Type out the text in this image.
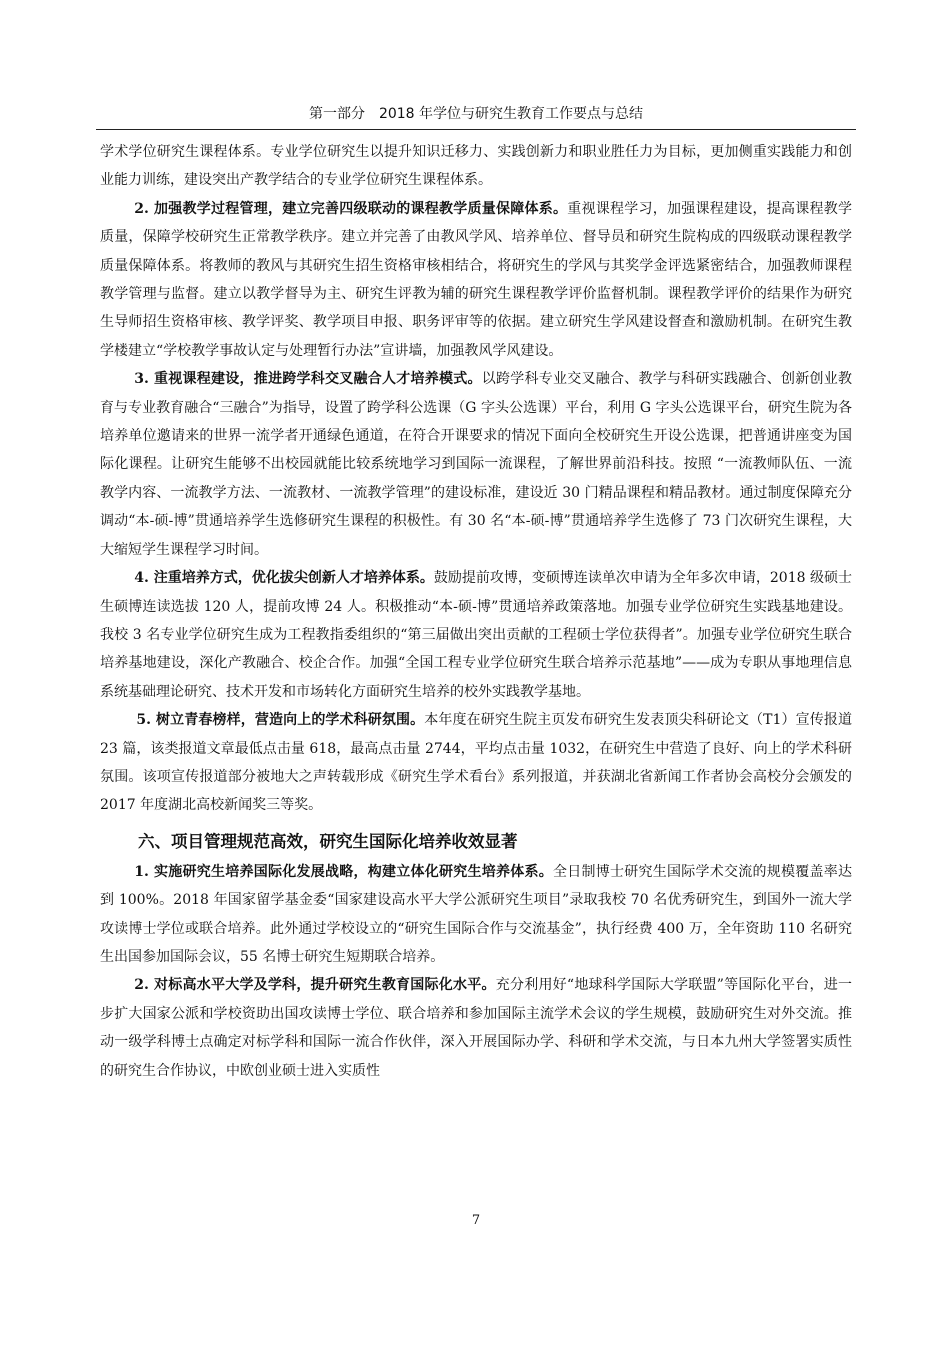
第一部分　2018 年学位与研究生教育工作要点与总结

学术学位研究生课程体系。专业学位研究生以提升知识迁移力、实践创新力和职业胜任力为目标，更加侧重实践能力和创业能力训练，建设突出产教学结合的专业学位研究生课程体系。

2. 加强教学过程管理，建立完善四级联动的课程教学质量保障体系。重视课程学习，加强课程建设，提高课程教学质量，保障学校研究生正常教学秩序。建立并完善了由教风学风、培养单位、督导员和研究生院构成的四级联动课程教学质量保障体系。将教师的教风与其研究生招生资格审核相结合，将研究生的学风与其奖学金评选紧密结合，加强教师课程教学管理与监督。建立以教学督导为主、研究生评教为辅的研究生课程教学评价监督机制。课程教学评价的结果作为研究生导师招生资格审核、教学评奖、教学项目申报、职务评审等的依据。建立研究生学风建设督查和激励机制。在研究生教学楼建立“学校教学事故认定与处理暂行办法”宣讲墙，加强教风学风建设。

3. 重视课程建设，推进跨学科交叉融合人才培养模式。以跨学科专业交叉融合、教学与科研实践融合、创新创业教育与专业教育融合“三融合”为指导，设置了跨学科公选课（G 字头公选课）平台，利用 G 字头公选课平台，研究生院为各培养单位邀请来的世界一流学者开通绿色通道，在符合开课要求的情况下面向全校研究生开设公选课，把普通讲座变为国际化课程。让研究生能够不出校园就能比较系统地学习到国际一流课程，了解世界前沿科技。按照 “一流教师队伍、一流教学内容、一流教学方法、一流教材、一流教学管理”的建设标准，建设近 30 门精品课程和精品教材。通过制度保障充分调动“本-硕-博”贯通培养学生选修研究生课程的积极性。有 30 名“本-硕-博”贯通培养学生选修了 73 门次研究生课程，大大缩短学生课程学习时间。

4. 注重培养方式，优化拔尖创新人才培养体系。鼓励提前攻博，变硕博连读单次申请为全年多次申请，2018 级硕士生硕博连读选拔 120 人，提前攻博 24 人。积极推动“本-硕-博”贯通培养政策落地。加强专业学位研究生实践基地建设。我校 3 名专业学位研究生成为工程教指委组织的“第三届做出突出贡献的工程硕士学位获得者”。加强专业学位研究生联合培养基地建设，深化产教融合、校企合作。加强“全国工程专业学位研究生联合培养示范基地”——成为专职从事地理信息系统基础理论研究、技术开发和市场转化方面研究生培养的校外实践教学基地。

5. 树立青春榜样，营造向上的学术科研氛围。本年度在研究生院主页发布研究生发表顶尖科研论文（T1）宣传报道 23 篇，该类报道文章最低点击量 618，最高点击量 2744，平均点击量 1032，在研究生中营造了良好、向上的学术科研氛围。该项宣传报道部分被地大之声转载形成《研究生学术看台》系列报道，并获湖北省新闻工作者协会高校分会颁发的 2017 年度湖北高校新闻奖三等奖。

六、项目管理规范高效，研究生国际化培养收效显著

1. 实施研究生培养国际化发展战略，构建立体化研究生培养体系。全日制博士研究生国际学术交流的规模覆盖率达到 100%。2018 年国家留学基金委“国家建设高水平大学公派研究生项目”录取我校 70 名优秀研究生，到国外一流大学攻读博士学位或联合培养。此外通过学校设立的“研究生国际合作与交流基金”，执行经费 400 万，全年资助 110 名研究生出国参加国际会议，55 名博士研究生短期联合培养。

2. 对标高水平大学及学科，提升研究生教育国际化水平。充分利用好“地球科学国际大学联盟”等国际化平台，进一步扩大国家公派和学校资助出国攻读博士学位、联合培养和参加国际主流学术会议的学生规模，鼓励研究生对外交流。推动一级学科博士点确定对标学科和国际一流合作伙伴，深入开展国际办学、科研和学术交流，与日本九州大学签署实质性的研究生合作协议，中欧创业硕士进入实质性

7
